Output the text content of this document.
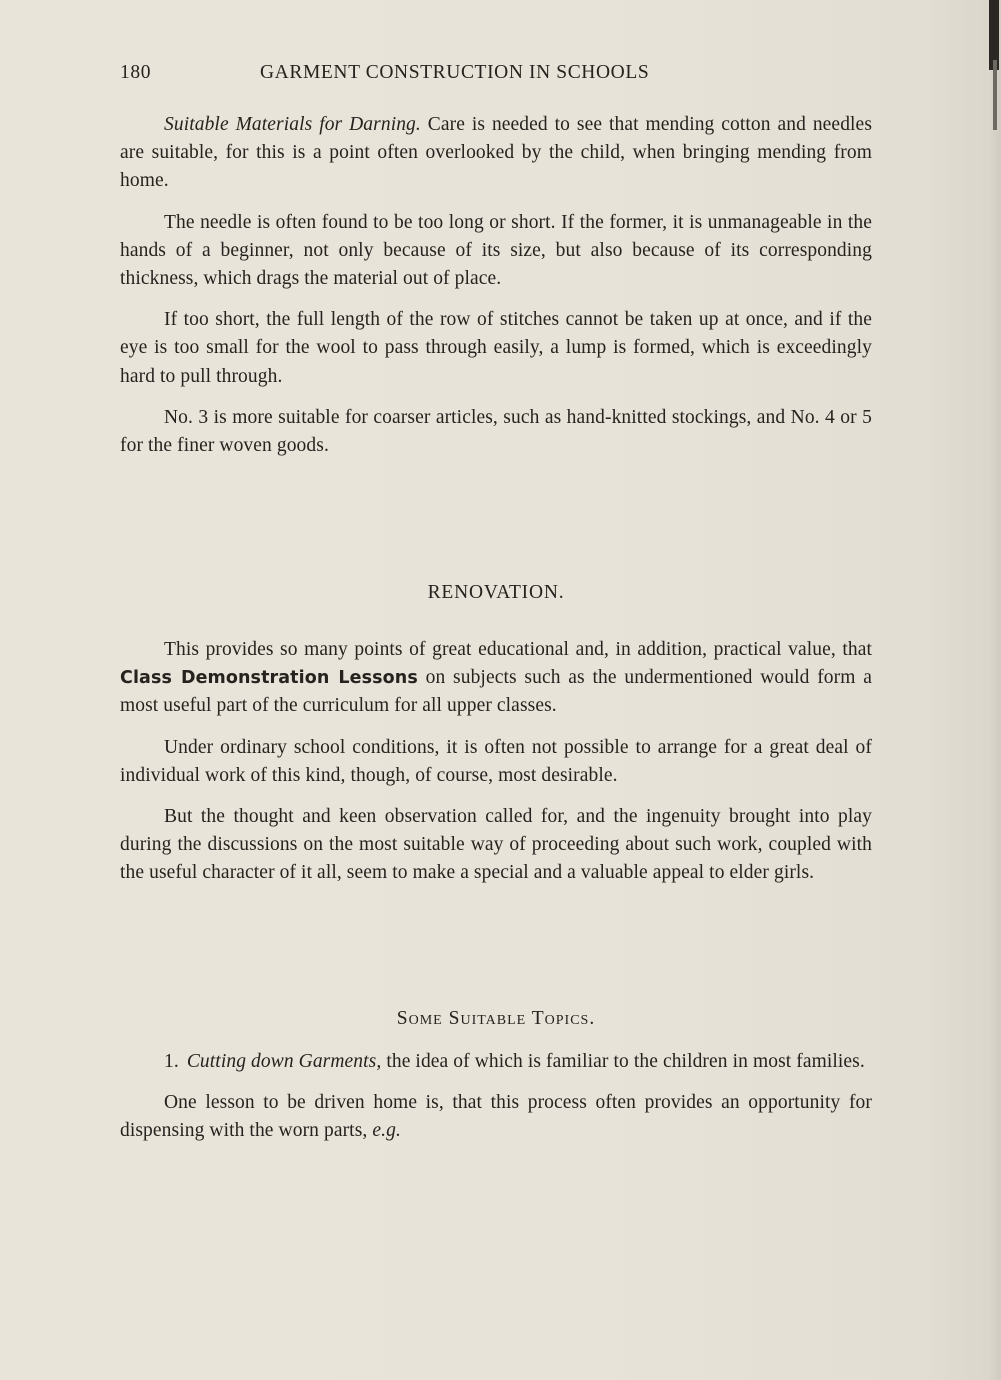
180	GARMENT CONSTRUCTION IN SCHOOLS

Suitable Materials for Darning. Care is needed to see that mending cotton and needles are suitable, for this is a point often overlooked by the child, when bringing mending from home.

The needle is often found to be too long or short. If the former, it is unmanageable in the hands of a beginner, not only because of its size, but also because of its corresponding thickness, which drags the material out of place.

If too short, the full length of the row of stitches cannot be taken up at once, and if the eye is too small for the wool to pass through easily, a lump is formed, which is exceedingly hard to pull through.

No. 3 is more suitable for coarser articles, such as hand-knitted stockings, and No. 4 or 5 for the finer woven goods.

RENOVATION.

This provides so many points of great educational and, in addition, practical value, that Class Demonstration Lessons on subjects such as the undermentioned would form a most useful part of the curriculum for all upper classes.

Under ordinary school conditions, it is often not possible to arrange for a great deal of individual work of this kind, though, of course, most desirable.

But the thought and keen observation called for, and the ingenuity brought into play during the discussions on the most suitable way of proceeding about such work, coupled with the useful character of it all, seem to make a special and a valuable appeal to elder girls.

Some Suitable Topics.

1. Cutting down Garments, the idea of which is familiar to the children in most families.

One lesson to be driven home is, that this process often provides an opportunity for dispensing with the worn parts, e.g.
